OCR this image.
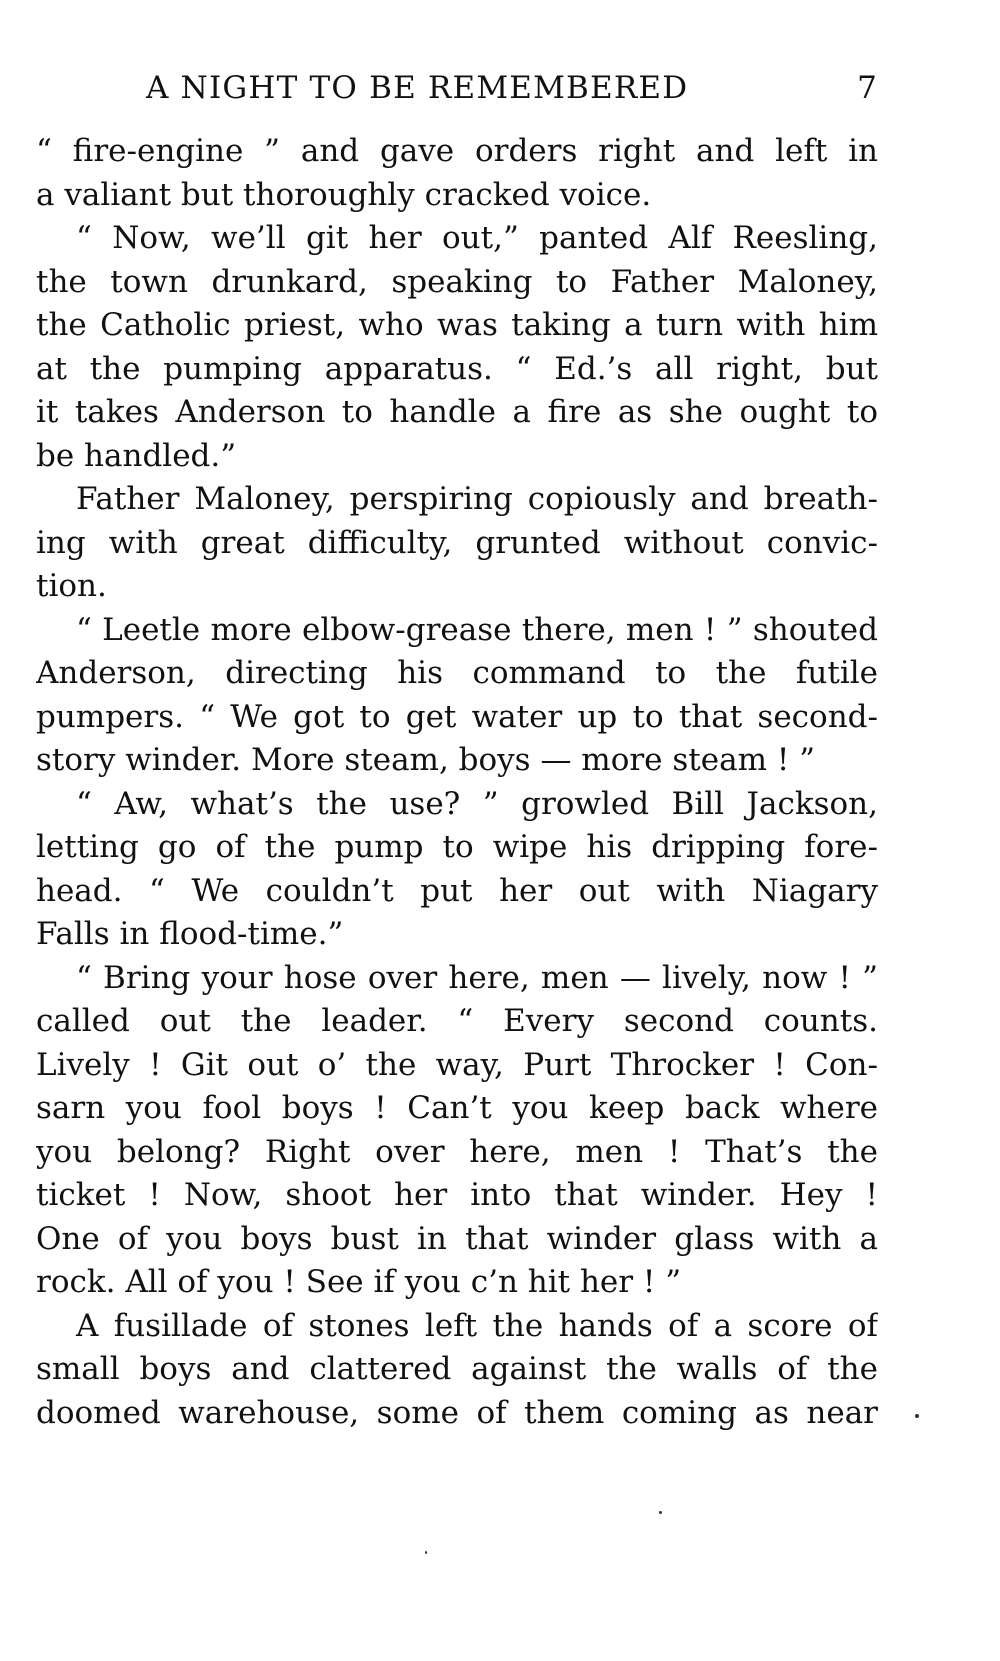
A NIGHT TO BE REMEMBERED	7
“ fire-engine ” and gave orders right and left in
a valiant but thoroughly cracked voice.
“ Now, we’ll git her out,” panted Alf Reesling,
the town drunkard, speaking to Father Maloney,
the Catholic priest, who was taking a turn with him
at the pumping apparatus. “ Ed.’s all right, but
it takes Anderson to handle a fire as she ought to
be handled.”
Father Maloney, perspiring copiously and breath-
ing with great difficulty, grunted without convic-
tion.
“ Leetle more elbow-grease there, men ! ” shouted
Anderson, directing his command to the futile
pumpers. “ We got to get water up to that second-
story winder. More steam, boys — more steam ! ”
“ Aw, what’s the use? ” growled Bill Jackson,
letting go of the pump to wipe his dripping fore-
head. “ We couldn’t put her out with Niagary
Falls in flood-time.”
“ Bring your hose over here, men — lively, now ! ”
called out the leader. “ Every second counts.
Lively ! Git out o’ the way, Purt Throcker ! Con-
sarn you fool boys ! Can’t you keep back where
you belong? Right over here, men ! That’s the
ticket ! Now, shoot her into that winder. Hey !
One of you boys bust in that winder glass with a
rock. All of you ! See if you c’n hit her ! ”
A fusillade of stones left the hands of a score of
small boys and clattered against the walls of the
doomed warehouse, some of them coming as near
